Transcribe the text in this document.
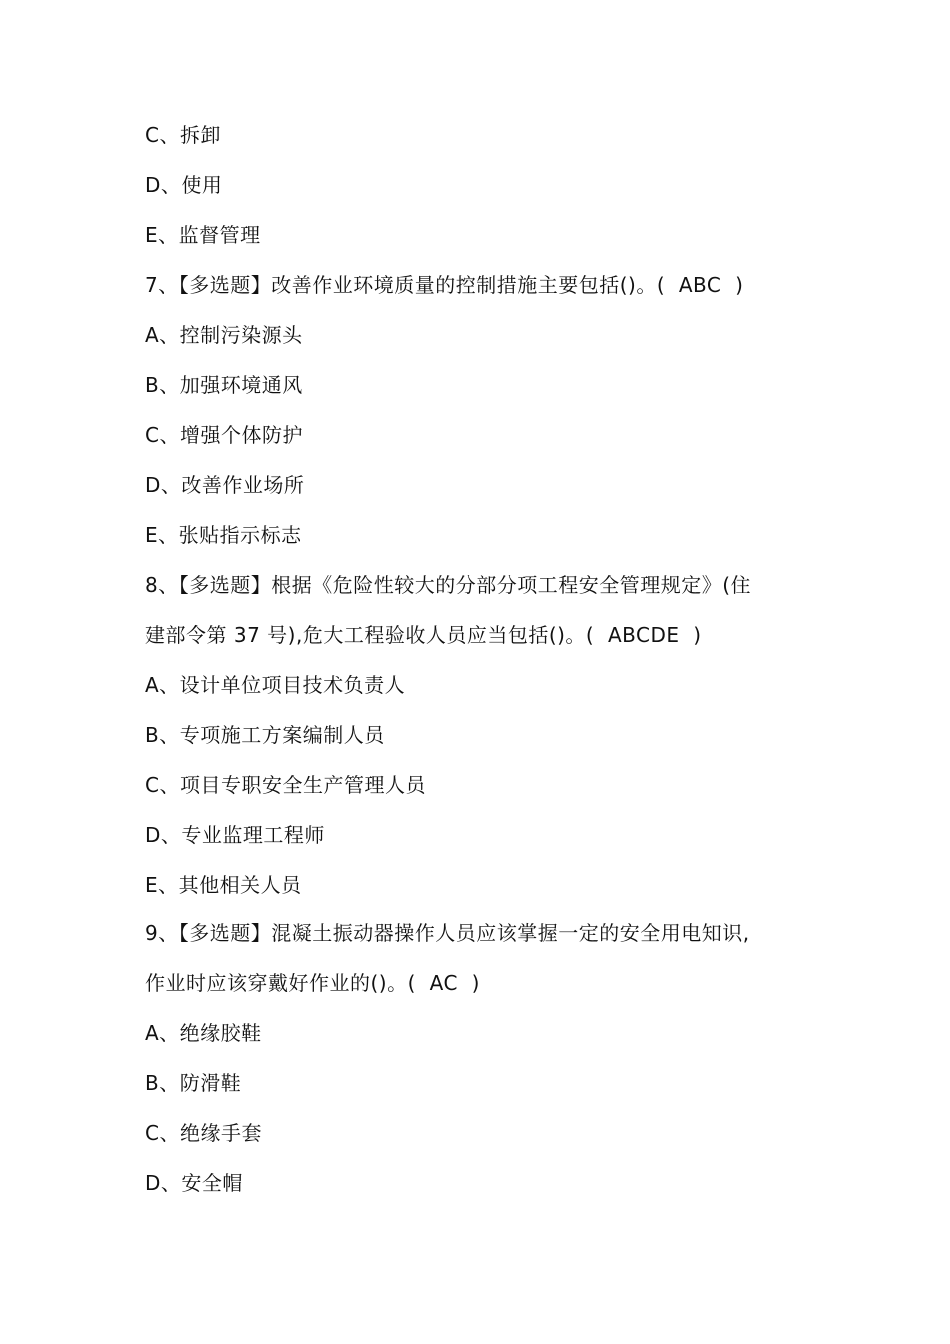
C、拆卸
D、使用
E、监督管理
7、【多选题】改善作业环境质量的控制措施主要包括()。(  ABC  )
A、控制污染源头
B、加强环境通风
C、增强个体防护
D、改善作业场所
E、张贴指示标志
8、【多选题】根据《危险性较大的分部分项工程安全管理规定》(住
建部令第 37 号),危大工程验收人员应当包括()。(  ABCDE  )
A、设计单位项目技术负责人
B、专项施工方案编制人员
C、项目专职安全生产管理人员
D、专业监理工程师
E、其他相关人员
9、【多选题】混凝土振动器操作人员应该掌握一定的安全用电知识,
作业时应该穿戴好作业的()。(  AC  )
A、绝缘胶鞋
B、防滑鞋
C、绝缘手套
D、安全帽
